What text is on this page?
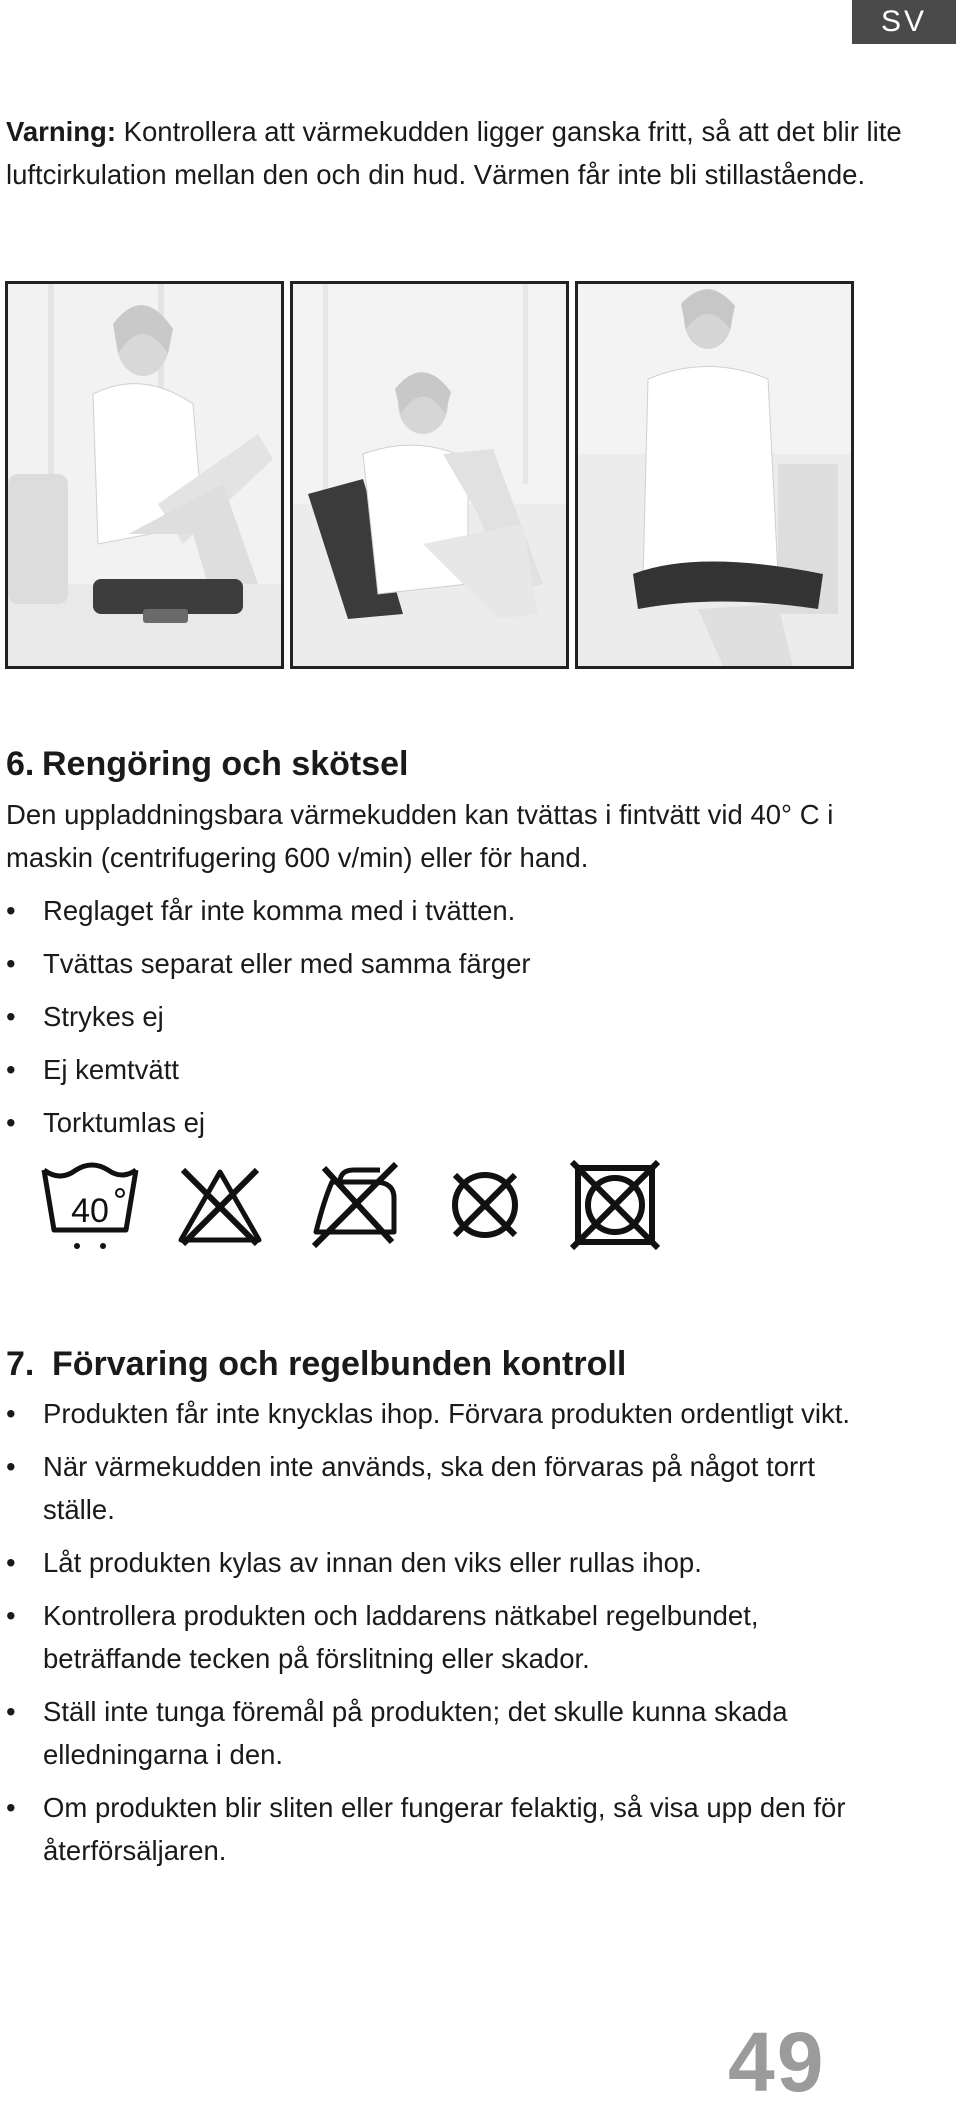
SV

Varning: Kontrollera att värmekudden ligger ganska fritt, så att det blir lite luftcirkulation mellan den och din hud. Värmen får inte bli stillastående.

6. Rengöring och skötsel

Den uppladdningsbara värmekudden kan tvättas i fintvätt vid 40° C i maskin (centrifugering 600 v/min) eller för hand.

• Reglaget får inte komma med i tvätten.
• Tvättas separat eller med samma färger
• Strykes ej
• Ej kemtvätt
• Torktumlas ej
40
7. Förvaring och regelbunden kontroll
• Produkten får inte knycklas ihop. Förvara produkten ordentligt vikt.
• När värmekudden inte används, ska den förvaras på något torrt ställe.
• Låt produkten kylas av innan den viks eller rullas ihop.
• Kontrollera produkten och laddarens nätkabel regelbundet, beträffande tecken på förslitning eller skador.
• Ställ inte tunga föremål på produkten; det skulle kunna skada elledningarna i den.
• Om produkten blir sliten eller fungerar felaktig, så visa upp den för återförsäljaren.
49
